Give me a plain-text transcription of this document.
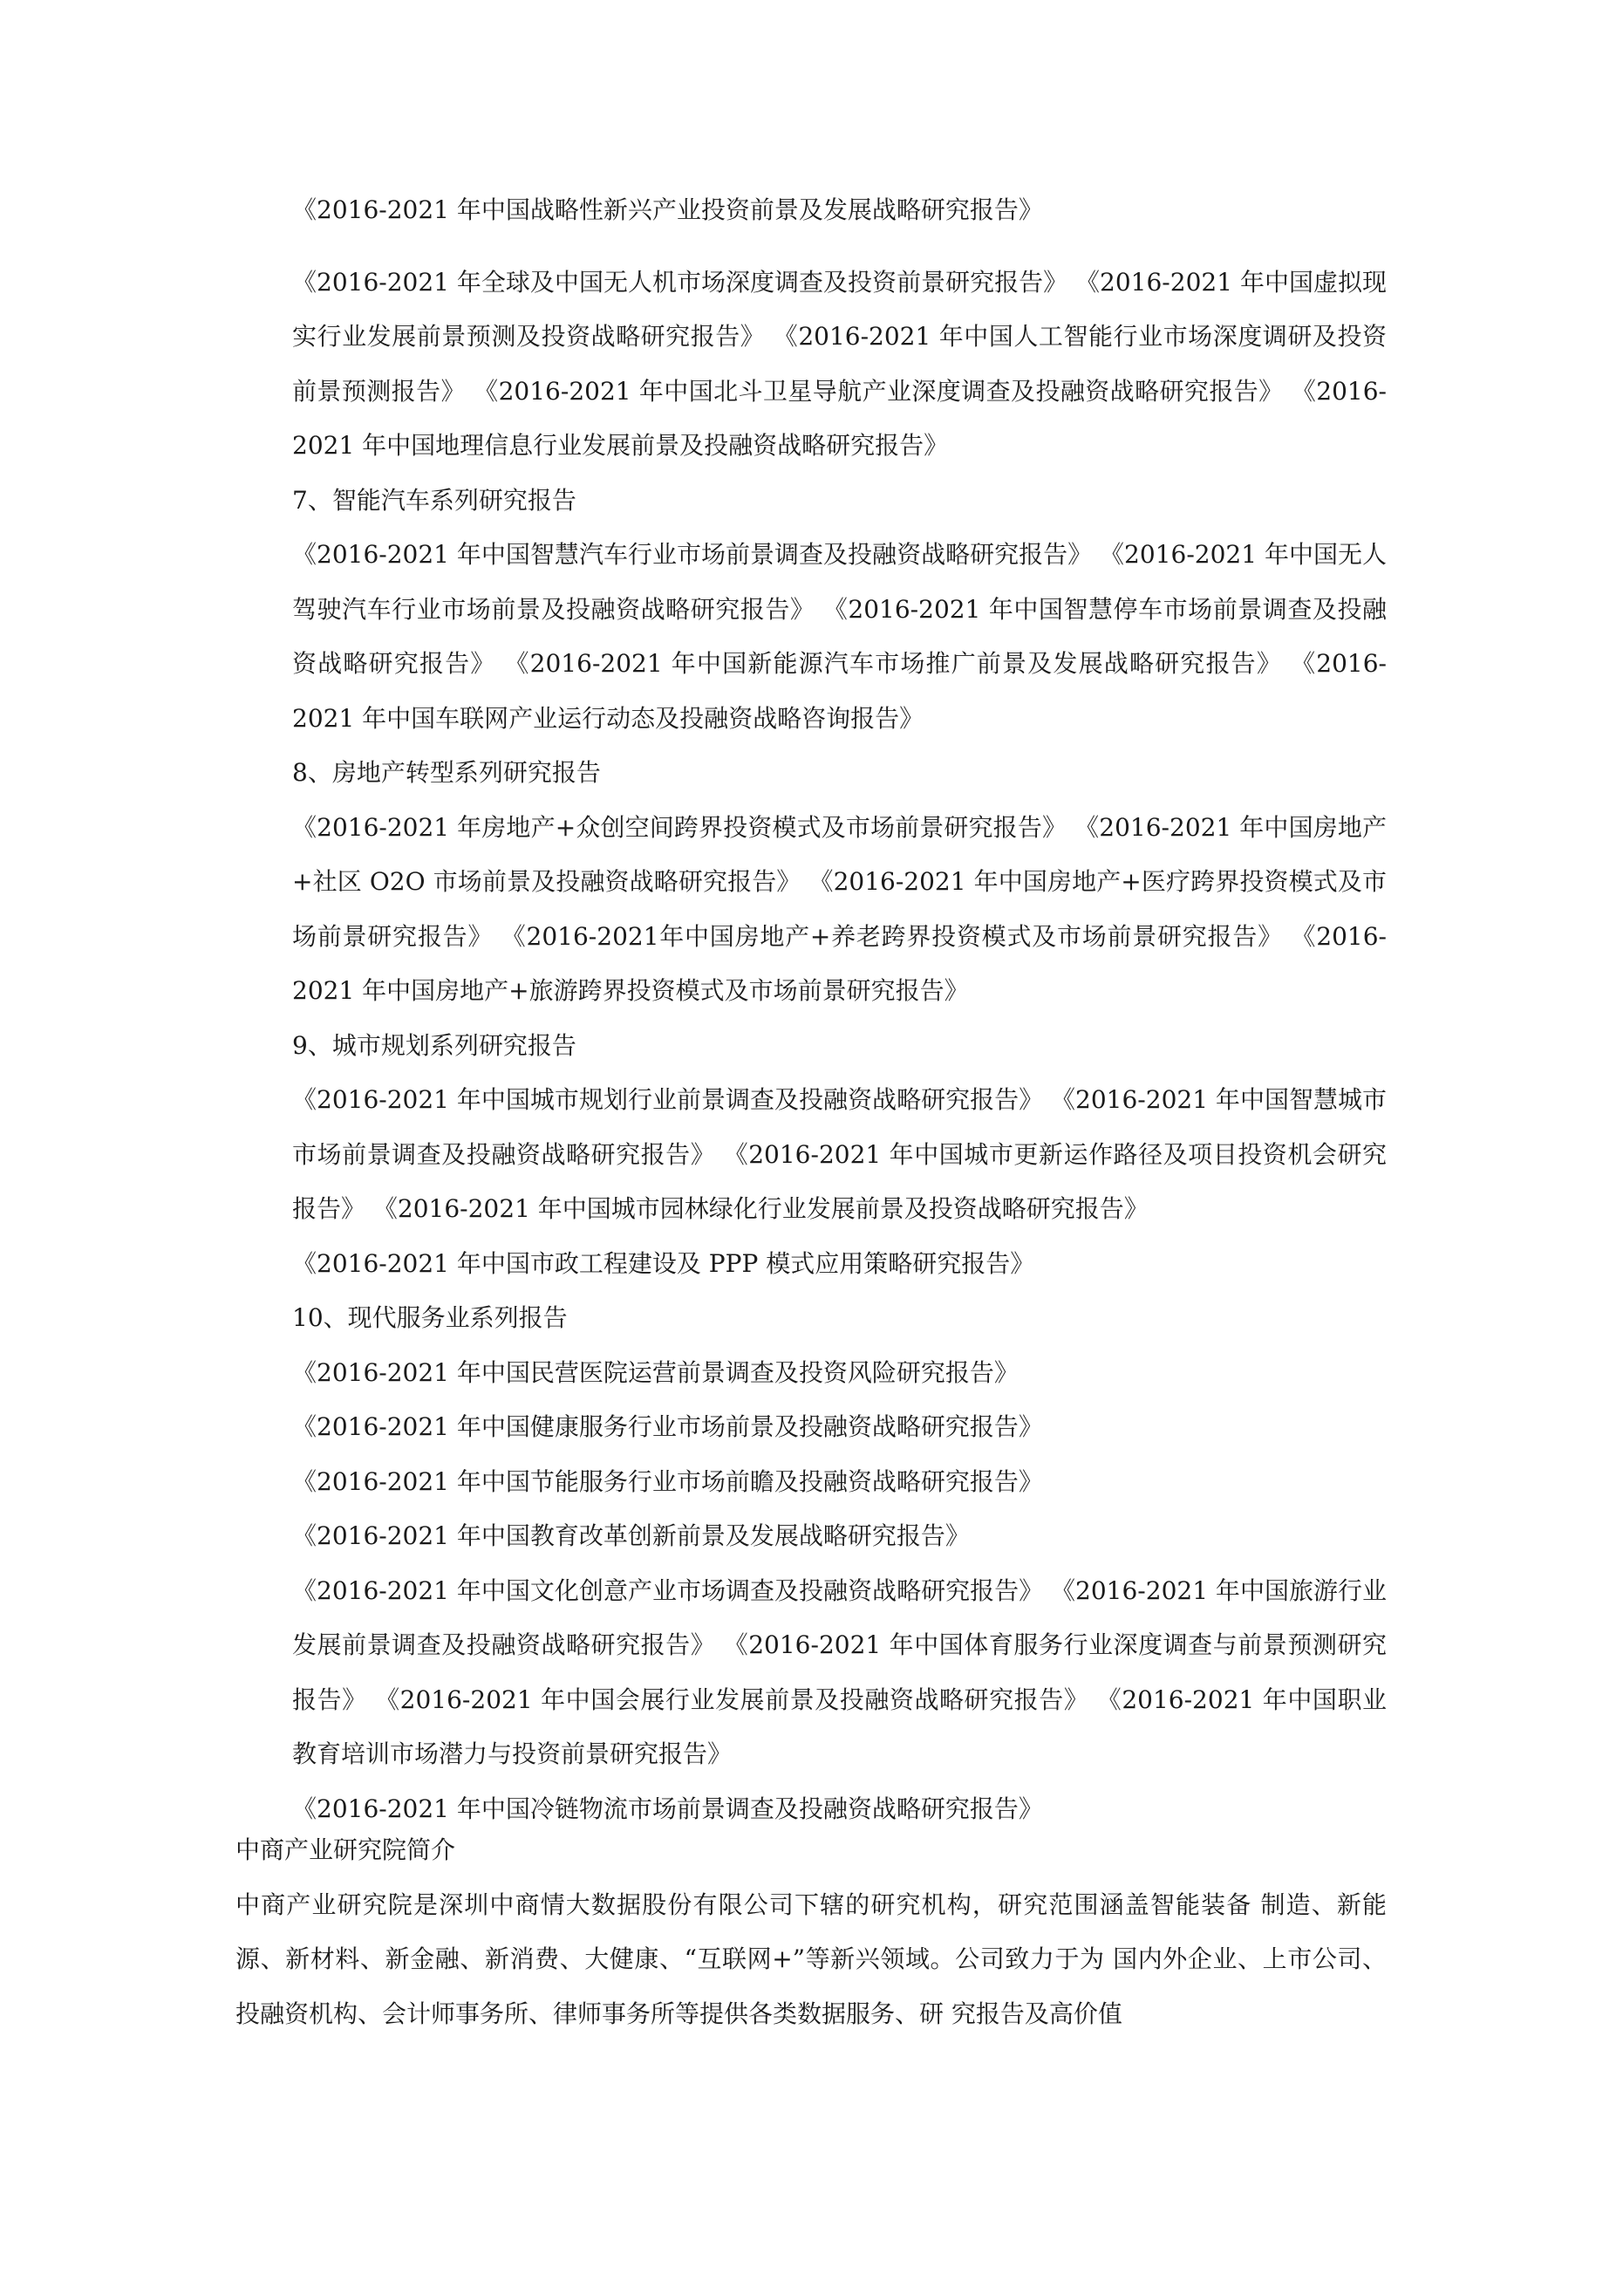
《2016-2021 年中国战略性新兴产业投资前景及发展战略研究报告》

《2016-2021 年全球及中国无人机市场深度调查及投资前景研究报告》 《2016-2021 年中国虚拟现实行业发展前景预测及投资战略研究报告》 《2016-2021 年中国人工智能行业市场深度调研及投资前景预测报告》 《2016-2021 年中国北斗卫星导航产业深度调查及投融资战略研究报告》 《2016-2021 年中国地理信息行业发展前景及投融资战略研究报告》

7、智能汽车系列研究报告

《2016-2021 年中国智慧汽车行业市场前景调查及投融资战略研究报告》 《2016-2021 年中国无人驾驶汽车行业市场前景及投融资战略研究报告》 《2016-2021 年中国智慧停车市场前景调查及投融资战略研究报告》 《2016-2021 年中国新能源汽车市场推广前景及发展战略研究报告》 《2016-2021 年中国车联网产业运行动态及投融资战略咨询报告》

8、房地产转型系列研究报告

《2016-2021 年房地产+众创空间跨界投资模式及市场前景研究报告》 《2016-2021 年中国房地产+社区 O2O 市场前景及投融资战略研究报告》 《2016-2021 年中国房地产+医疗跨界投资模式及市场前景研究报告》 《2016-2021年中国房地产+养老跨界投资模式及市场前景研究报告》 《2016-2021 年中国房地产+旅游跨界投资模式及市场前景研究报告》

9、城市规划系列研究报告

《2016-2021 年中国城市规划行业前景调查及投融资战略研究报告》 《2016-2021 年中国智慧城市市场前景调查及投融资战略研究报告》 《2016-2021 年中国城市更新运作路径及项目投资机会研究报告》 《2016-2021 年中国城市园林绿化行业发展前景及投资战略研究报告》

《2016-2021 年中国市政工程建设及 PPP 模式应用策略研究报告》

10、现代服务业系列报告

《2016-2021 年中国民营医院运营前景调查及投资风险研究报告》

《2016-2021 年中国健康服务行业市场前景及投融资战略研究报告》

《2016-2021 年中国节能服务行业市场前瞻及投融资战略研究报告》

《2016-2021 年中国教育改革创新前景及发展战略研究报告》

《2016-2021 年中国文化创意产业市场调查及投融资战略研究报告》 《2016-2021 年中国旅游行业发展前景调查及投融资战略研究报告》 《2016-2021 年中国体育服务行业深度调查与前景预测研究报告》 《2016-2021 年中国会展行业发展前景及投融资战略研究报告》 《2016-2021 年中国职业教育培训市场潜力与投资前景研究报告》

《2016-2021 年中国冷链物流市场前景调查及投融资战略研究报告》

中商产业研究院简介

中商产业研究院是深圳中商情大数据股份有限公司下辖的研究机构，研究范围涵盖智能装备 制造、新能源、新材料、新金融、新消费、大健康、“互联网+”等新兴领域。公司致力于为 国内外企业、上市公司、投融资机构、会计师事务所、律师事务所等提供各类数据服务、研 究报告及高价值
